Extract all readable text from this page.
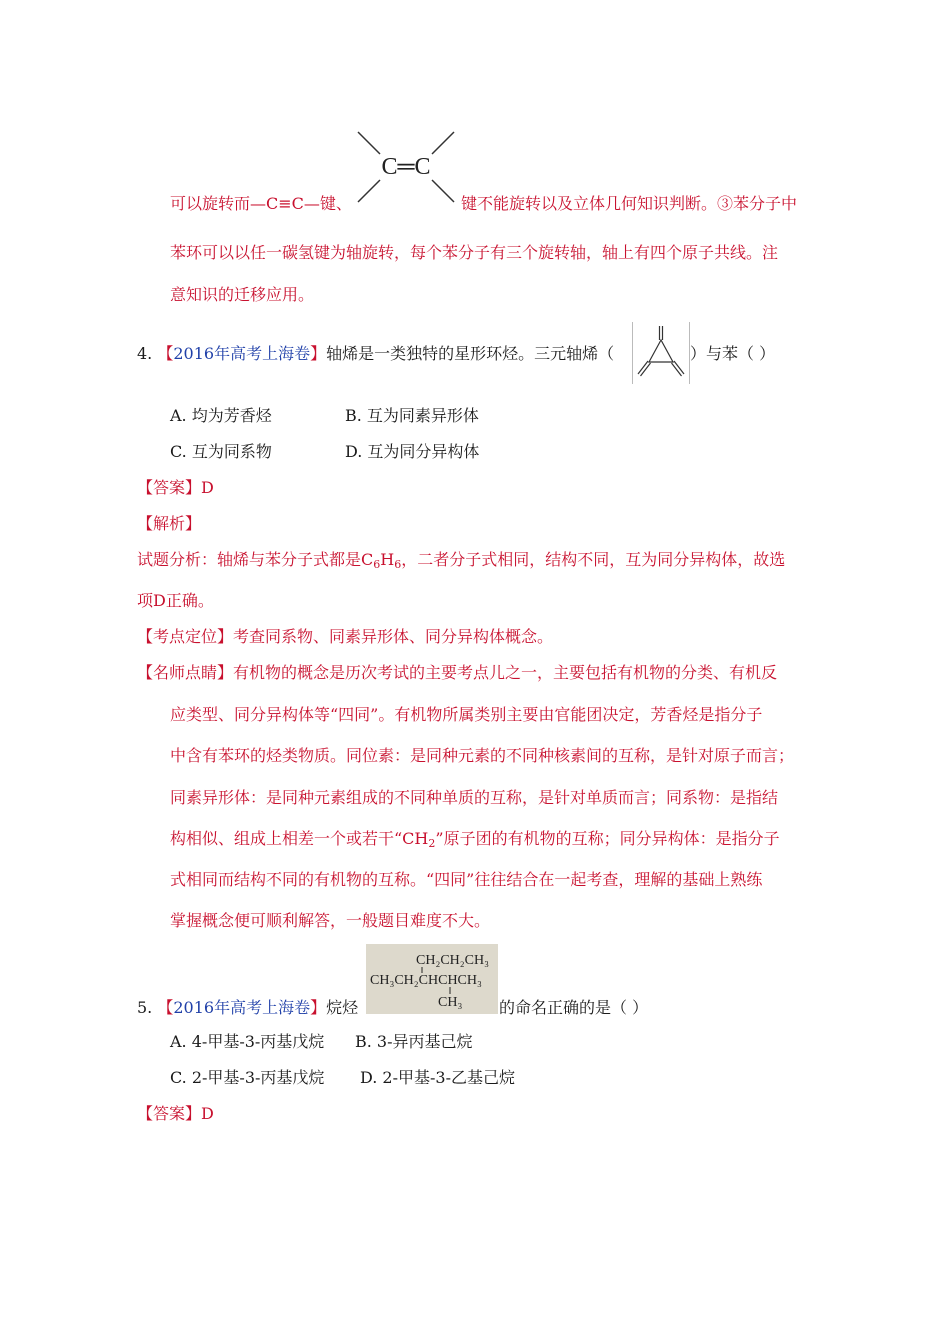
C═C
可以旋转而—C≡C—键、	键不能旋转以及立体几何知识判断。③苯分子中
苯环可以以任一碳氢键为轴旋转，每个苯分子有三个旋转轴，轴上有四个原子共线。注
意知识的迁移应用。
4. 【2016年高考上海卷】轴烯是一类独特的星形环烃。三元轴烯（	）与苯（ ）
A. 均为芳香烃	B. 互为同素异形体
C. 互为同系物	D. 互为同分异构体
【答案】D
【解析】
试题分析：轴烯与苯分子式都是$C_6H_6$，二者分子式相同，结构不同，互为同分异构体，故选
项D正确。
【考点定位】考查同系物、同素异形体、同分异构体概念。
【名师点睛】有机物的概念是历次考试的主要考点儿之一，主要包括有机物的分类、有机反
应类型、同分异构体等“四同”。有机物所属类别主要由官能团决定，芳香烃是指分子
中含有苯环的烃类物质。同位素：是同种元素的不同种核素间的互称，是针对原子而言；
同素异形体：是同种元素组成的不同种单质的互称，是针对单质而言；同系物：是指结
构相似、组成上相差一个或若干“$CH_2$”原子团的有机物的互称；同分异构体：是指分子
式相同而结构不同的有机物的互称。“四同”往往结合在一起考查，理解的基础上熟练
掌握概念便可顺利解答，一般题目难度不大。
5. 【2016年高考上海卷】烷烃
CH₂CH₂CH₃
CH₃CH₂CHCHCH₃
CH₃ 的命名正确的是（ ）
A. 4-甲基-3-丙基戊烷 B. 3-异丙基己烷
C. 2-甲基-3-丙基戊烷 D. 2-甲基-3-乙基己烷
【答案】D
